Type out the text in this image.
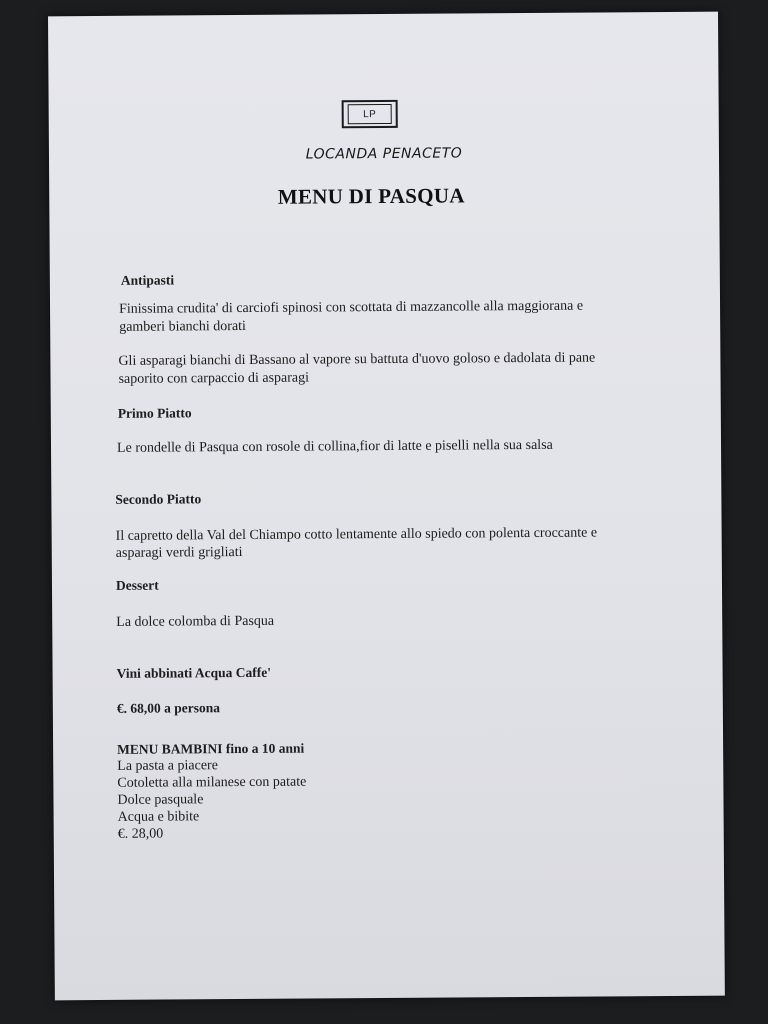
LP
LOCANDA PENACETO
MENU DI PASQUA
Antipasti
Finissima crudita' di carciofi spinosi con scottata di mazzancolle alla maggiorana e
gamberi bianchi dorati
Gli asparagi bianchi di Bassano al vapore su battuta d'uovo goloso e dadolata di pane
saporito con carpaccio di asparagi
Primo Piatto
Le rondelle di Pasqua con rosole di collina,fior di latte e piselli nella sua salsa
Secondo Piatto
Il capretto della Val del Chiampo cotto lentamente allo spiedo con polenta croccante e
asparagi verdi grigliati
Dessert
La dolce colomba di Pasqua
Vini abbinati Acqua Caffe'
€. 68,00 a persona
MENU BAMBINI fino a 10 anni
La pasta a piacere
Cotoletta alla milanese con patate
Dolce pasquale
Acqua e bibite
€. 28,00
